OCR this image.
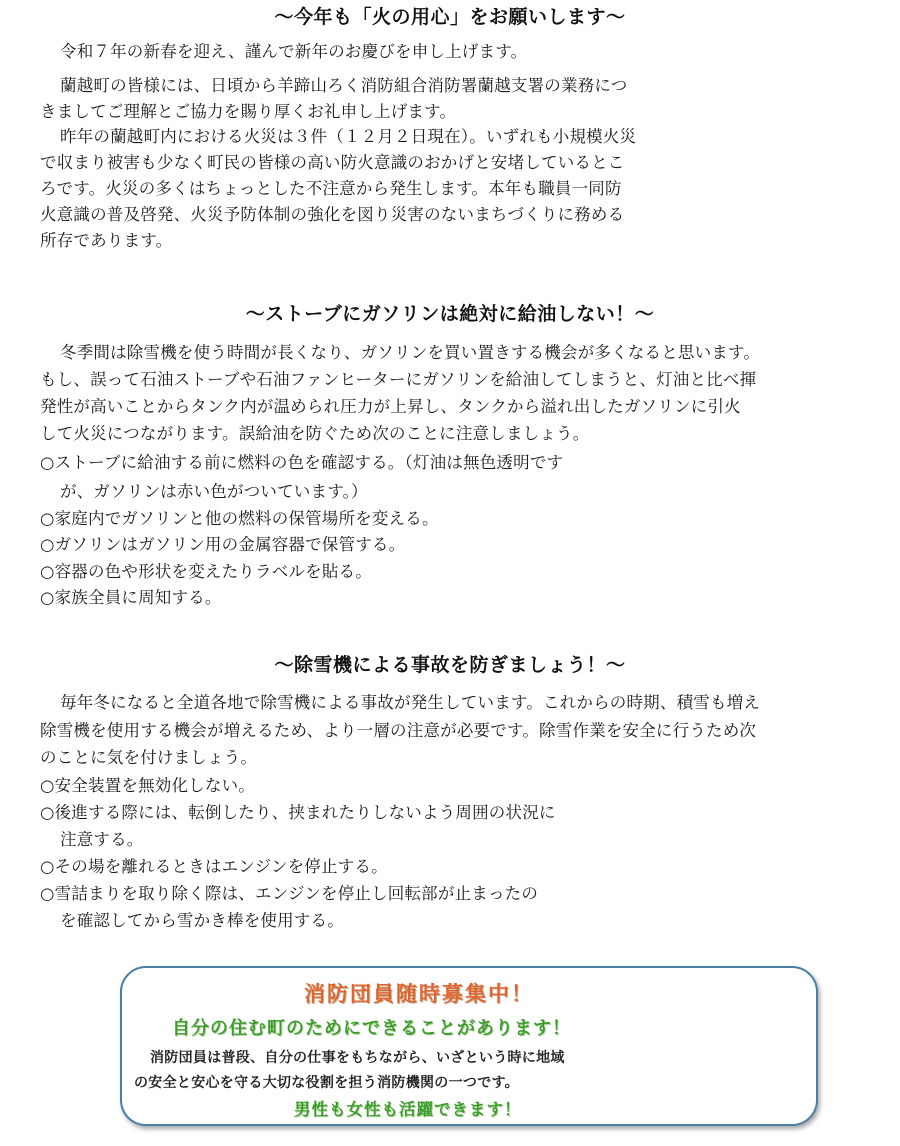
〜今年も「火の用心」をお願いします〜
令和７年の新春を迎え、謹んで新年のお慶びを申し上げます。
蘭越町の皆様には、日頃から羊蹄山ろく消防組合消防署蘭越支署の業務につ
きましてご理解とご協力を賜り厚くお礼申し上げます。
昨年の蘭越町内における火災は３件（１２月２日現在）。いずれも小規模火災
で収まり被害も少なく町民の皆様の高い防火意識のおかげと安堵しているとこ
ろです。火災の多くはちょっとした不注意から発生します。本年も職員一同防
火意識の普及啓発、火災予防体制の強化を図り災害のないまちづくりに務める
所存であります。
〜ストーブにガソリンは絶対に給油しない！〜
冬季間は除雪機を使う時間が長くなり、ガソリンを買い置きする機会が多くなると思います。
もし、誤って石油ストーブや石油ファンヒーターにガソリンを給油してしまうと、灯油と比べ揮
発性が高いことからタンク内が温められ圧力が上昇し、タンクから溢れ出したガソリンに引火
して火災につながります。誤給油を防ぐため次のことに注意しましょう。
○ストーブに給油する前に燃料の色を確認する。（灯油は無色透明です
が、ガソリンは赤い色がついています。）
○家庭内でガソリンと他の燃料の保管場所を変える。
○ガソリンはガソリン用の金属容器で保管する。
○容器の色や形状を変えたりラベルを貼る。
○家族全員に周知する。
〜除雪機による事故を防ぎましょう！〜
毎年冬になると全道各地で除雪機による事故が発生しています。これからの時期、積雪も増え
除雪機を使用する機会が増えるため、より一層の注意が必要です。除雪作業を安全に行うため次
のことに気を付けましょう。
○安全装置を無効化しない。
○後進する際には、転倒したり、挟まれたりしないよう周囲の状況に
注意する。
○その場を離れるときはエンジンを停止する。
○雪詰まりを取り除く際は、エンジンを停止し回転部が止まったの
を確認してから雪かき棒を使用する。
消防団員随時募集中！
自分の住む町のためにできることがあります！
消防団員は普段、自分の仕事をもちながら、いざという時に地域
の安全と安心を守る大切な役割を担う消防機関の一つです。
男性も女性も活躍できます！
